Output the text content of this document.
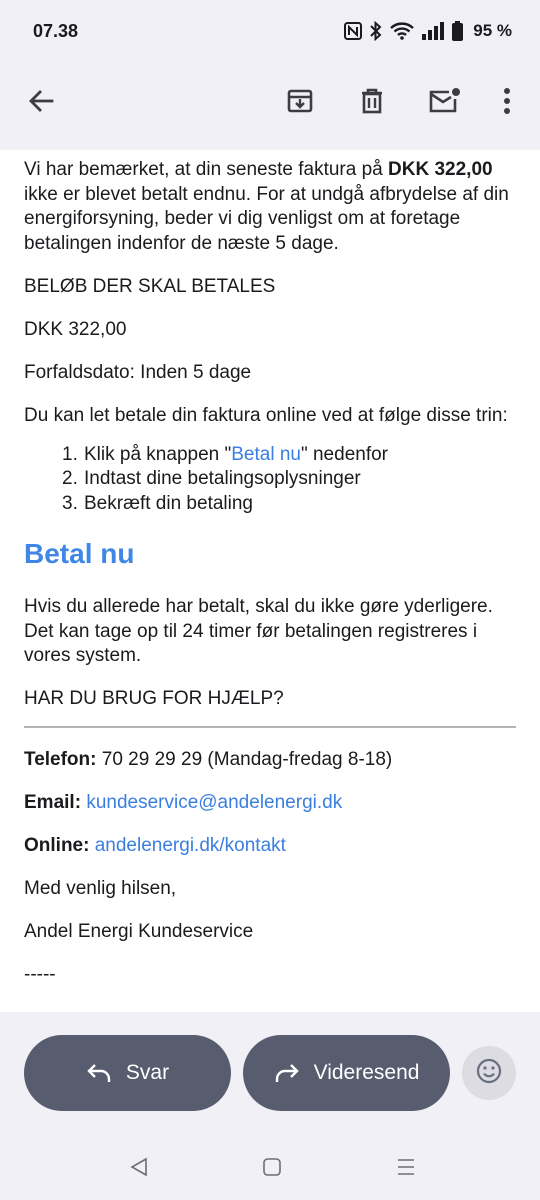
07.38	95 %

Vi har bemærket, at din seneste faktura på DKK 322,00 ikke er blevet betalt endnu. For at undgå afbrydelse af din energiforsyning, beder vi dig venligst om at foretage betalingen indenfor de næste 5 dage.

BELØB DER SKAL BETALES

DKK 322,00

Forfaldsdato: Inden 5 dage

Du kan let betale din faktura online ved at følge disse trin:

1. Klik på knappen "Betal nu" nedenfor
2. Indtast dine betalingsoplysninger
3. Bekræft din betaling
Betal nu

Hvis du allerede har betalt, skal du ikke gøre yderligere. Det kan tage op til 24 timer før betalingen registreres i vores system.

HAR DU BRUG FOR HJÆLP?

Telefon: 70 29 29 29 (Mandag-fredag 8-18)

Email: kundeservice@andelenergi.dk

Online: andelenergi.dk/kontakt

Med venlig hilsen,

Andel Energi Kundeservice

-----

Svar	Videresend
